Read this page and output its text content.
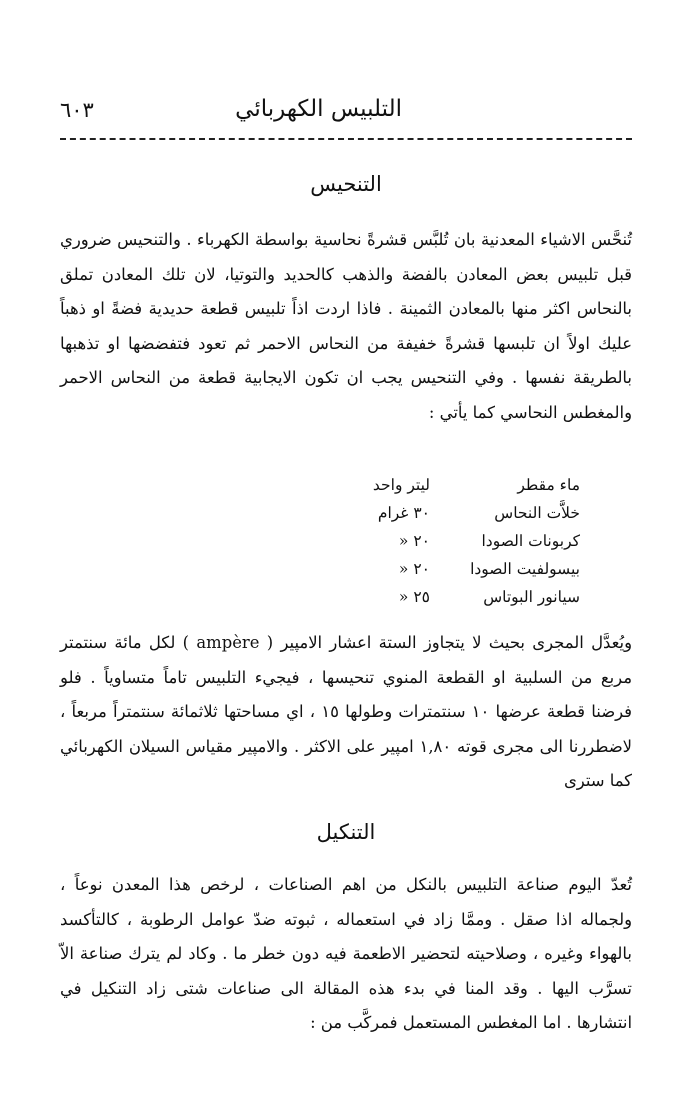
التلبيس الكهربائي
٦٠٣
التنحيس

تُنحَّس الاشياء المعدنية بان تُلبَّس قشرةً نحاسية بواسطة الكهرباء . والتنحيس ضروري قبل تلبيس بعض المعادن بالفضة والذهب كالحديد والتوتيا، لان تلك المعادن تملق بالنحاس اكثر منها بالمعادن الثمينة . فاذا اردت اذاً تلبيس قطعة حديدية فضةً او ذهباً عليك اولاً ان تلبسها قشرةً خفيفة من النحاس الاحمر ثم تعود فتفضضها او تذهبها بالطريقة نفسها . وفي التنحيس يجب ان تكون الايجابية قطعة من النحاس الاحمر والمغطس النحاسي كما يأتي :

ماء مقطر
ليتر واحد
خلاَّت النحاس
٣٠ غرام
كربونات الصودا
٢٠ «
بيسولفيت الصودا
٢٠ «
سيانور البوتاس
٢٥ «

ويُعدَّل المجرى بحيث لا يتجاوز الستة اعشار الامپير ( ampère ) لكل مائة سنتمتر مربع من السلبية او القطعة المنوي تنحيسها ، فيجيء التلبيس تاماً متساوياً . فلو فرضنا قطعة عرضها ١٠ سنتمترات وطولها ١٥ ، اي مساحتها ثلاثمائة سنتمتراً مربعاً ، لاضطررنا الى مجرى قوته ١,٨٠ امپير على الاكثر . والامپير مقياس السيلان الكهربائي كما سترى

التنكيل

تُعدّ اليوم صناعة التلبيس بالنكل من اهم الصناعات ، لرخص هذا المعدن نوعاً ، ولجماله اذا صقل . وممَّا زاد في استعماله ، ثبوته ضدّ عوامل الرطوبة ، كالتأكسد بالهواء وغيره ، وصلاحيته لتحضير الاطعمة فيه دون خطر ما . وكاد لم يترك صناعة الاّ تسرَّب اليها . وقد المنا في بدء هذه المقالة الى صناعات شتى زاد التنكيل في انتشارها . اما المغطس المستعمل فمركَّب من :
